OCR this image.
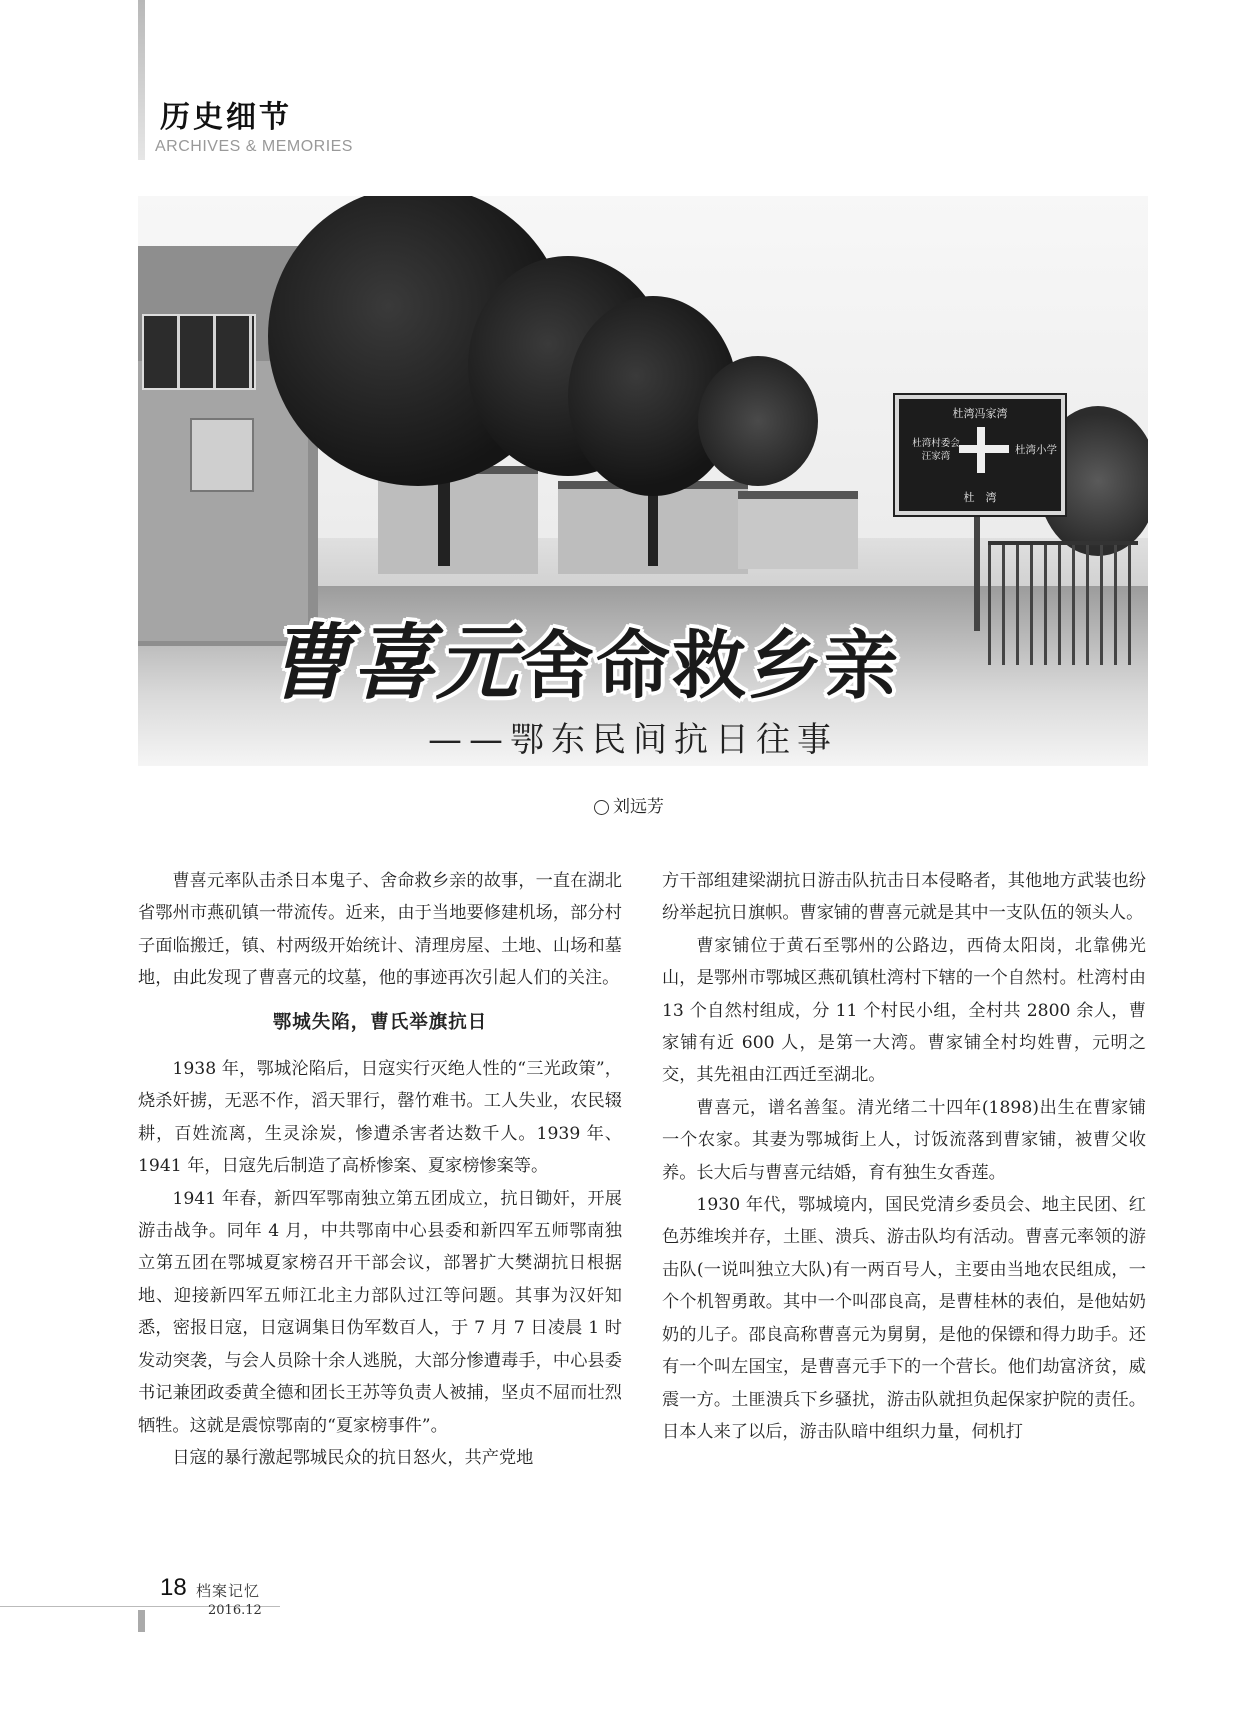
历史细节
ARCHIVES & MEMORIES
杜湾冯家湾
杜湾村委会
汪家湾
杜湾小学
杜　湾
曹喜元舍命救乡亲
——鄂东民间抗日往事
刘远芳

曹喜元率队击杀日本鬼子、舍命救乡亲的故事，一直在湖北省鄂州市燕矶镇一带流传。近来，由于当地要修建机场，部分村子面临搬迁，镇、村两级开始统计、清理房屋、土地、山场和墓地，由此发现了曹喜元的坟墓，他的事迹再次引起人们的关注。

鄂城失陷，曹氏举旗抗日

1938 年，鄂城沦陷后，日寇实行灭绝人性的“三光政策”，烧杀奸掳，无恶不作，滔天罪行，罄竹难书。工人失业，农民辍耕，百姓流离，生灵涂炭，惨遭杀害者达数千人。1939 年、1941 年，日寇先后制造了高桥惨案、夏家榜惨案等。

1941 年春，新四军鄂南独立第五团成立，抗日锄奸，开展游击战争。同年 4 月，中共鄂南中心县委和新四军五师鄂南独立第五团在鄂城夏家榜召开干部会议，部署扩大樊湖抗日根据地、迎接新四军五师江北主力部队过江等问题。其事为汉奸知悉，密报日寇，日寇调集日伪军数百人，于 7 月 7 日凌晨 1 时发动突袭，与会人员除十余人逃脱，大部分惨遭毒手，中心县委书记兼团政委黄全德和团长王苏等负责人被捕，坚贞不屈而壮烈牺牲。这就是震惊鄂南的“夏家榜事件”。

日寇的暴行激起鄂城民众的抗日怒火，共产党地

方干部组建梁湖抗日游击队抗击日本侵略者，其他地方武装也纷纷举起抗日旗帜。曹家铺的曹喜元就是其中一支队伍的领头人。

曹家铺位于黄石至鄂州的公路边，西倚太阳岗，北靠佛光山，是鄂州市鄂城区燕矶镇杜湾村下辖的一个自然村。杜湾村由 13 个自然村组成，分 11 个村民小组，全村共 2800 余人，曹家铺有近 600 人，是第一大湾。曹家铺全村均姓曹，元明之交，其先祖由江西迁至湖北。

曹喜元，谱名善玺。清光绪二十四年(1898)出生在曹家铺一个农家。其妻为鄂城街上人，讨饭流落到曹家铺，被曹父收养。长大后与曹喜元结婚，育有独生女香莲。

1930 年代，鄂城境内，国民党清乡委员会、地主民团、红色苏维埃并存，土匪、溃兵、游击队均有活动。曹喜元率领的游击队(一说叫独立大队)有一两百号人，主要由当地农民组成，一个个机智勇敢。其中一个叫邵良高，是曹桂林的表伯，是他姑奶奶的儿子。邵良高称曹喜元为舅舅，是他的保镖和得力助手。还有一个叫左国宝，是曹喜元手下的一个营长。他们劫富济贫，威震一方。土匪溃兵下乡骚扰，游击队就担负起保家护院的责任。日本人来了以后，游击队暗中组织力量，伺机打

18 档案记忆
2016.12
